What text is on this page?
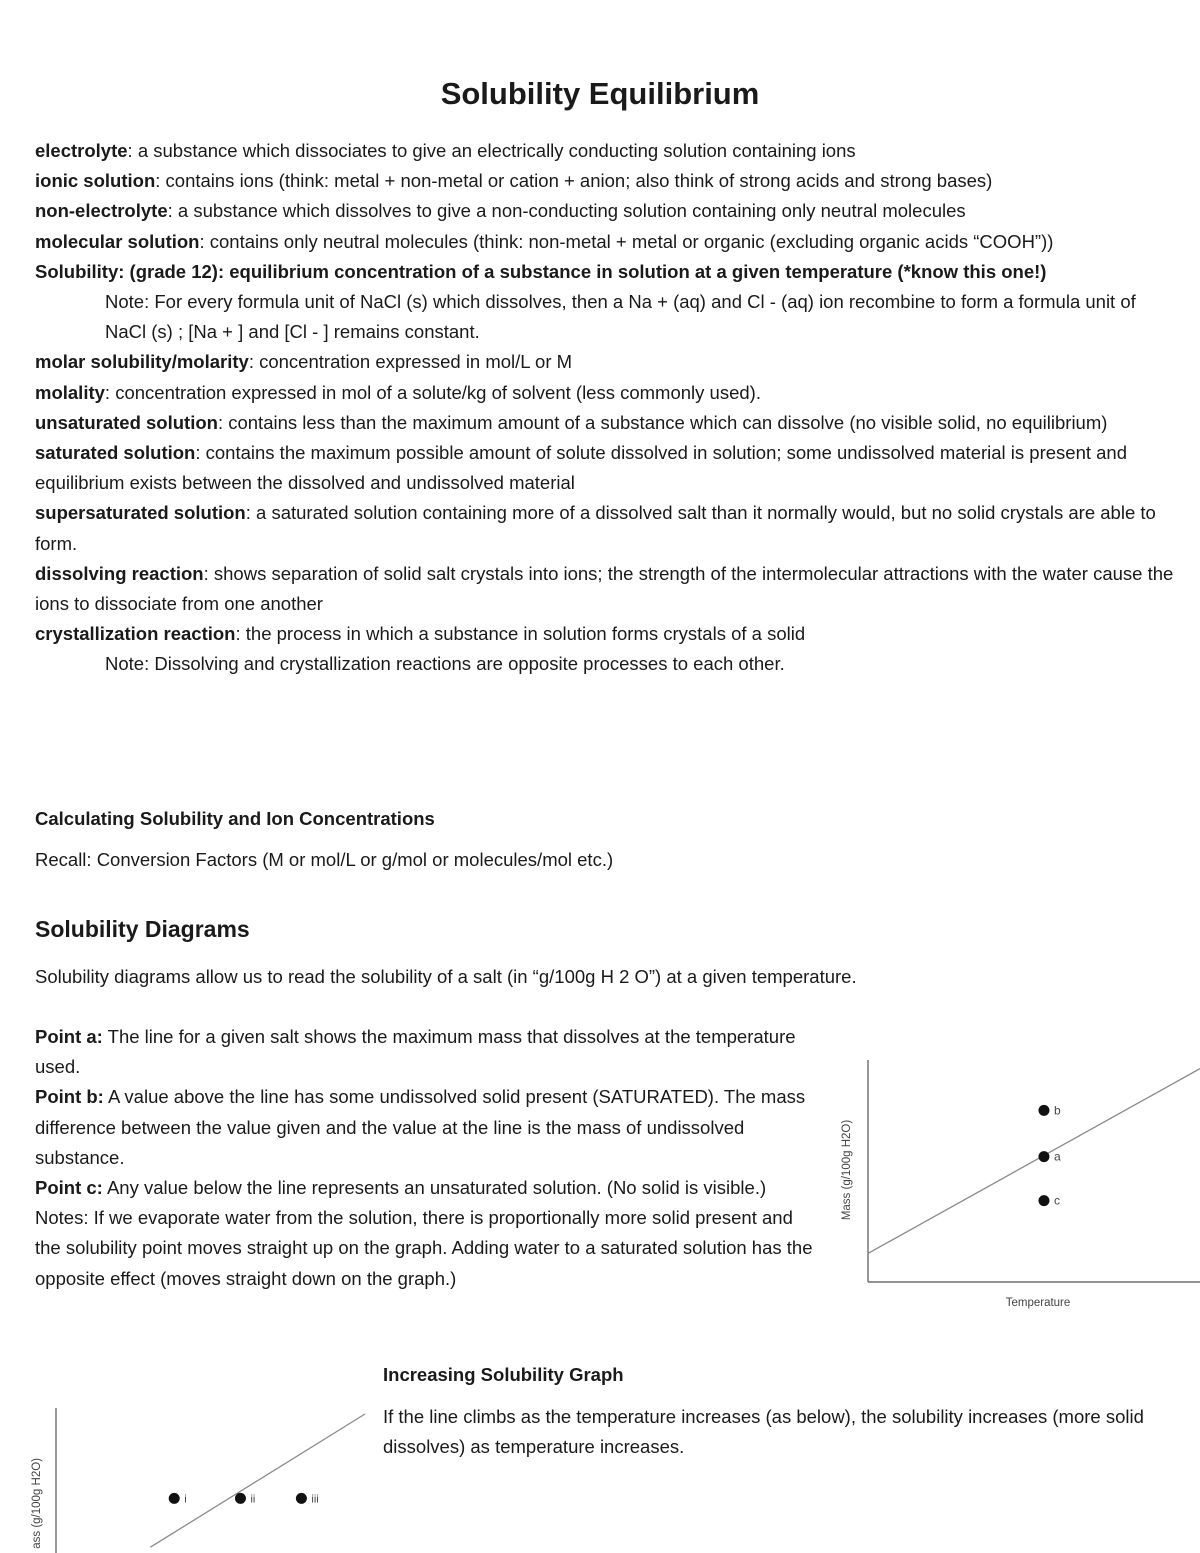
Solubility Equilibrium

electrolyte: a substance which dissociates to give an electrically conducting solution containing ions

ionic solution: contains ions (think: metal + non-metal or cation + anion; also think of strong acids and strong bases)

non-electrolyte: a substance which dissolves to give a non-conducting solution containing only neutral molecules

molecular solution: contains only neutral molecules (think: non-metal + metal or organic (excluding organic acids “COOH”))

Solubility: (grade 12): equilibrium concentration of a substance in solution at a given temperature (*know this one!)

Note: For every formula unit of NaCl (s) which dissolves, then a Na + (aq) and Cl - (aq) ion recombine to form a formula unit of NaCl (s) ; [Na + ] and [Cl - ] remains constant.

molar solubility/molarity: concentration expressed in mol/L or M

molality: concentration expressed in mol of a solute/kg of solvent (less commonly used).

unsaturated solution: contains less than the maximum amount of a substance which can dissolve (no visible solid, no equilibrium)

saturated solution: contains the maximum possible amount of solute dissolved in solution; some undissolved material is present and equilibrium exists between the dissolved and undissolved material

supersaturated solution: a saturated solution containing more of a dissolved salt than it normally would, but no solid crystals are able to form.

dissolving reaction: shows separation of solid salt crystals into ions; the strength of the intermolecular attractions with the water cause the ions to dissociate from one another

crystallization reaction: the process in which a substance in solution forms crystals of a solid

Note: Dissolving and crystallization reactions are opposite processes to each other.

Calculating Solubility and Ion Concentrations
Recall: Conversion Factors (M or mol/L or g/mol or molecules/mol etc.)
Solubility Diagrams
Solubility diagrams allow us to read the solubility of a salt (in “g/100g H 2 O”) at a given temperature.

Point a: The line for a given salt shows the maximum mass that dissolves at the temperature used.

Point b: A value above the line has some undissolved solid present (SATURATED). The mass difference between the value given and the value at the line is the mass of undissolved substance.

Point c: Any value below the line represents an unsaturated solution. (No solid is visible.)

Notes: If we evaporate water from the solution, there is proportionally more solid present and the solubility point moves straight up on the graph. Adding water to a saturated solution has the opposite effect (moves straight down on the graph.)

b
a
c
Mass (g/100g H2O)
Temperature
Increasing Solubility Graph
If the line climbs as the temperature increases (as below), the solubility increases (more solid dissolves) as temperature increases.
i	ii	iii
ass (g/100g H2O)
